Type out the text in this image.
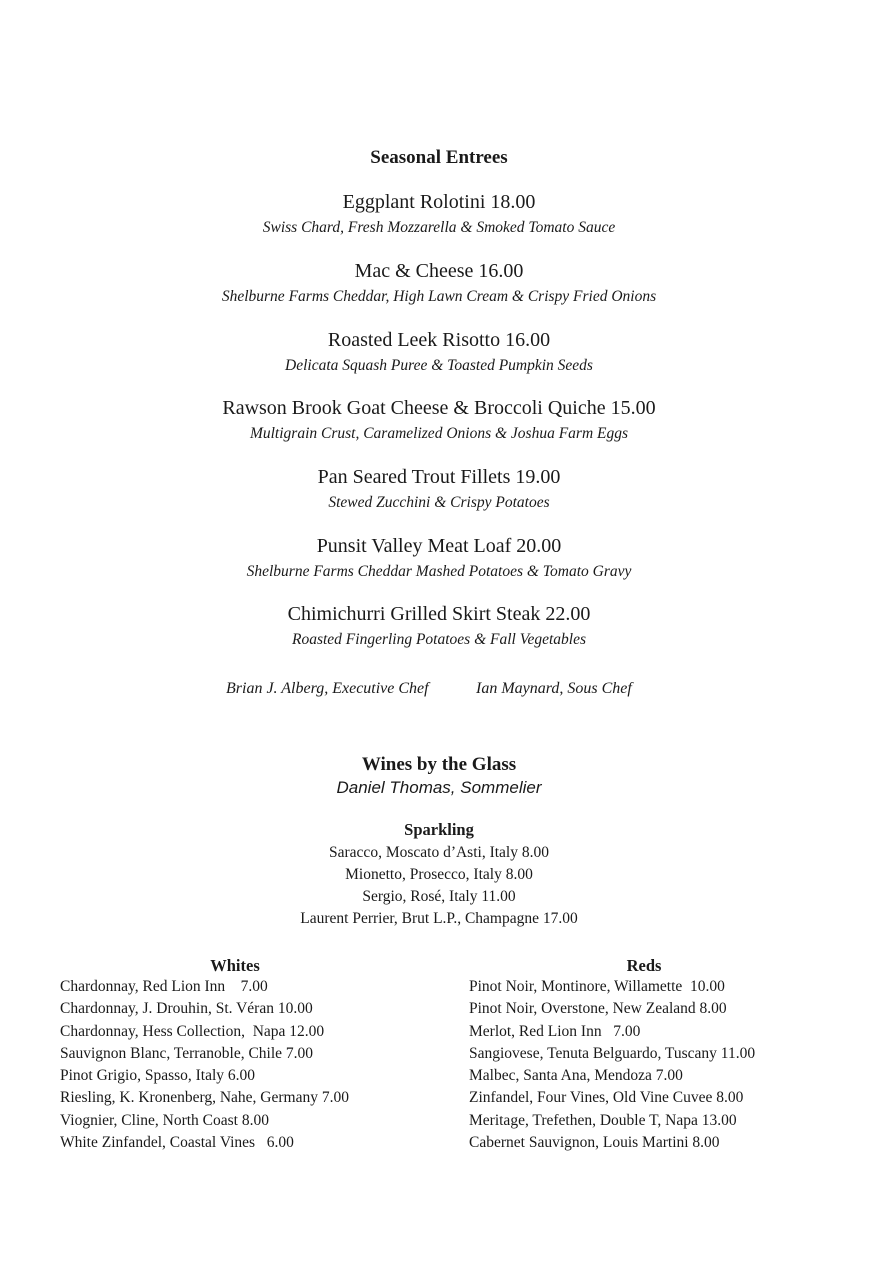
Seasonal Entrees
Eggplant Rolotini 18.00
Swiss Chard, Fresh Mozzarella & Smoked Tomato Sauce
Mac & Cheese 16.00
Shelburne Farms Cheddar, High Lawn Cream & Crispy Fried Onions
Roasted Leek Risotto 16.00
Delicata Squash Puree & Toasted Pumpkin Seeds
Rawson Brook Goat Cheese & Broccoli Quiche 15.00
Multigrain Crust, Caramelized Onions & Joshua Farm Eggs
Pan Seared Trout Fillets 19.00
Stewed Zucchini & Crispy Potatoes
Punsit Valley Meat Loaf 20.00
Shelburne Farms Cheddar Mashed Potatoes & Tomato Gravy
Chimichurri Grilled Skirt Steak 22.00
Roasted Fingerling Potatoes & Fall Vegetables
Brian J. Alberg, Executive Chef	Ian Maynard, Sous Chef
Wines by the Glass
Daniel Thomas, Sommelier
Sparkling
Saracco, Moscato d’Asti, Italy 8.00
Mionetto, Prosecco, Italy 8.00
Sergio, Rosé, Italy 11.00
Laurent Perrier, Brut L.P., Champagne 17.00
Whites
Chardonnay, Red Lion Inn    7.00
Chardonnay, J. Drouhin, St. Véran 10.00
Chardonnay, Hess Collection,  Napa 12.00
Sauvignon Blanc, Terranoble, Chile 7.00
Pinot Grigio, Spasso, Italy 6.00
Riesling, K. Kronenberg, Nahe, Germany 7.00
Viognier, Cline, North Coast 8.00
White Zinfandel, Coastal Vines   6.00
Reds
Pinot Noir, Montinore, Willamette  10.00
Pinot Noir, Overstone, New Zealand 8.00
Merlot, Red Lion Inn   7.00
Sangiovese, Tenuta Belguardo, Tuscany 11.00
Malbec, Santa Ana, Mendoza 7.00
Zinfandel, Four Vines, Old Vine Cuvee 8.00
Meritage, Trefethen, Double T, Napa 13.00
Cabernet Sauvignon, Louis Martini 8.00
